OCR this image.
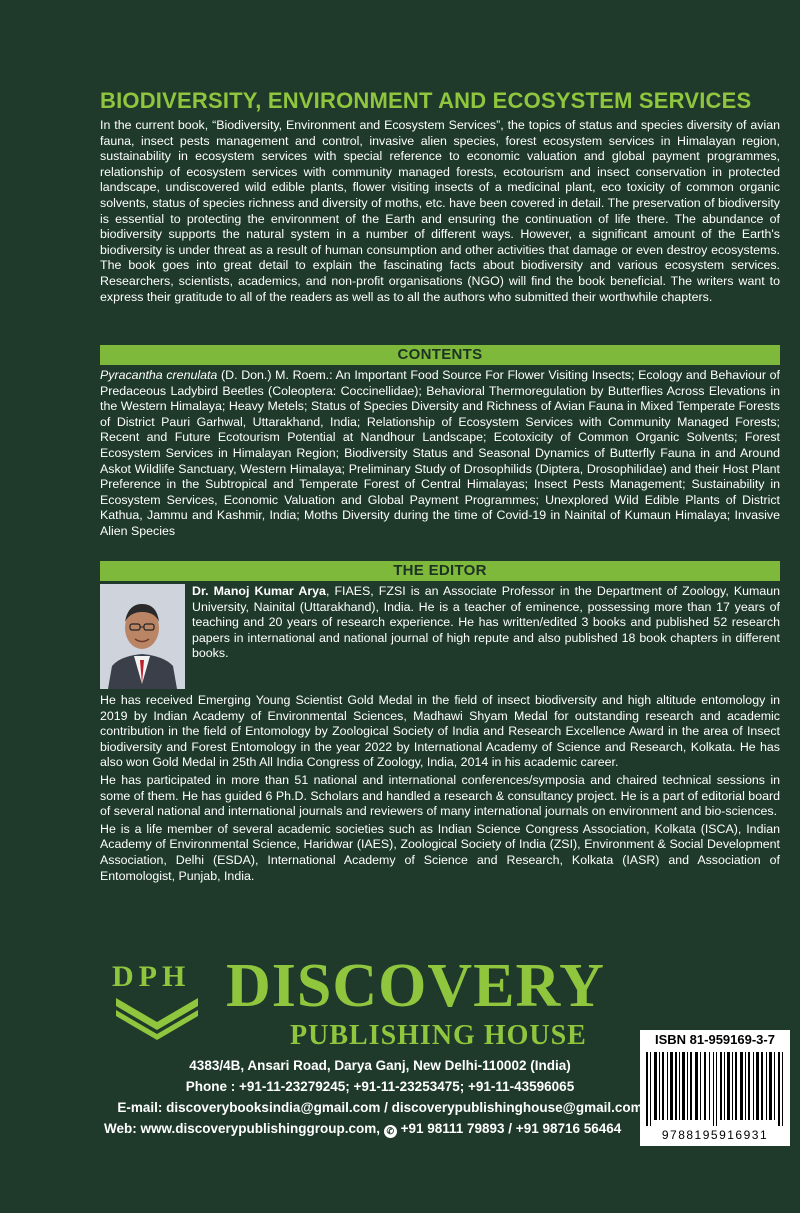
BIODIVERSITY, ENVIRONMENT AND ECOSYSTEM SERVICES

In the current book, “Biodiversity, Environment and Ecosystem Services”, the topics of status and species diversity of avian fauna, insect pests management and control, invasive alien species, forest ecosystem services in Himalayan region, sustainability in ecosystem services with special reference to economic valuation and global payment programmes, relationship of ecosystem services with community managed forests, ecotourism and insect conservation in protected landscape, undiscovered wild edible plants, flower visiting insects of a medicinal plant, eco toxicity of common organic solvents, status of species richness and diversity of moths, etc. have been covered in detail. The preservation of biodiversity is essential to protecting the environment of the Earth and ensuring the continuation of life there. The abundance of biodiversity supports the natural system in a number of different ways. However, a significant amount of the Earth's biodiversity is under threat as a result of human consumption and other activities that damage or even destroy ecosystems. The book goes into great detail to explain the fascinating facts about biodiversity and various ecosystem services. Researchers, scientists, academics, and non-profit organisations (NGO) will find the book beneficial. The writers want to express their gratitude to all of the readers as well as to all the authors who submitted their worthwhile chapters.

CONTENTS

Pyracantha crenulata (D. Don.) M. Roem.: An Important Food Source For Flower Visiting Insects; Ecology and Behaviour of Predaceous Ladybird Beetles (Coleoptera: Coccinellidae); Behavioral Thermoregulation by Butterflies Across Elevations in the Western Himalaya; Heavy Metels; Status of Species Diversity and Richness of Avian Fauna in Mixed Temperate Forests of District Pauri Garhwal, Uttarakhand, India; Relationship of Ecosystem Services with Community Managed Forests; Recent and Future Ecotourism Potential at Nandhour Landscape; Ecotoxicity of Common Organic Solvents; Forest Ecosystem Services in Himalayan Region; Biodiversity Status and Seasonal Dynamics of Butterfly Fauna in and Around Askot Wildlife Sanctuary, Western Himalaya; Preliminary Study of Drosophilids (Diptera, Drosophilidae) and their Host Plant Preference in the Subtropical and Temperate Forest of Central Himalayas; Insect Pests Management; Sustainability in Ecosystem Services, Economic Valuation and Global Payment Programmes; Unexplored Wild Edible Plants of District Kathua, Jammu and Kashmir, India; Moths Diversity during the time of Covid-19 in Nainital of Kumaun Himalaya; Invasive Alien Species

THE EDITOR

Dr. Manoj Kumar Arya, FIAES, FZSI is an Associate Professor in the Department of Zoology, Kumaun University, Nainital (Uttarakhand), India. He is a teacher of eminence, possessing more than 17 years of teaching and 20 years of research experience. He has written/edited 3 books and published 52 research papers in international and national journal of high repute and also published 18 book chapters in different books.

He has received Emerging Young Scientist Gold Medal in the field of insect biodiversity and high altitude entomology in 2019 by Indian Academy of Environmental Sciences, Madhawi Shyam Medal for outstanding research and academic contribution in the field of Entomology by Zoological Society of India and Research Excellence Award in the area of Insect biodiversity and Forest Entomology in the year 2022 by International Academy of Science and Research, Kolkata. He has also won Gold Medal in 25th All India Congress of Zoology, India, 2014 in his academic career.

He has participated in more than 51 national and international conferences/symposia and chaired technical sessions in some of them. He has guided 6 Ph.D. Scholars and handled a research & consultancy project. He is a part of editorial board of several national and international journals and reviewers of many international journals on environment and bio-sciences.

He is a life member of several academic societies such as Indian Science Congress Association, Kolkata (ISCA), Indian Academy of Environmental Science, Haridwar (IAES), Zoological Society of India (ZSI), Environment & Social Development Association, Delhi (ESDA), International Academy of Science and Research, Kolkata (IASR) and Association of Entomologist, Punjab, India.

DPH DISCOVERY
PUBLISHING HOUSE	ISBN 81-959169-3-7
9788195916931
4383/4B, Ansari Road, Darya Ganj, New Delhi-110002 (India)
Phone : +91-11-23279245; +91-11-23253475; +91-11-43596065
E-mail: discoverybooksindia@gmail.com / discoverypublishinghouse@gmail.com
Web: www.discoverypublishinggroup.com, ✆ +91 98111 79893 / +91 98716 56464
